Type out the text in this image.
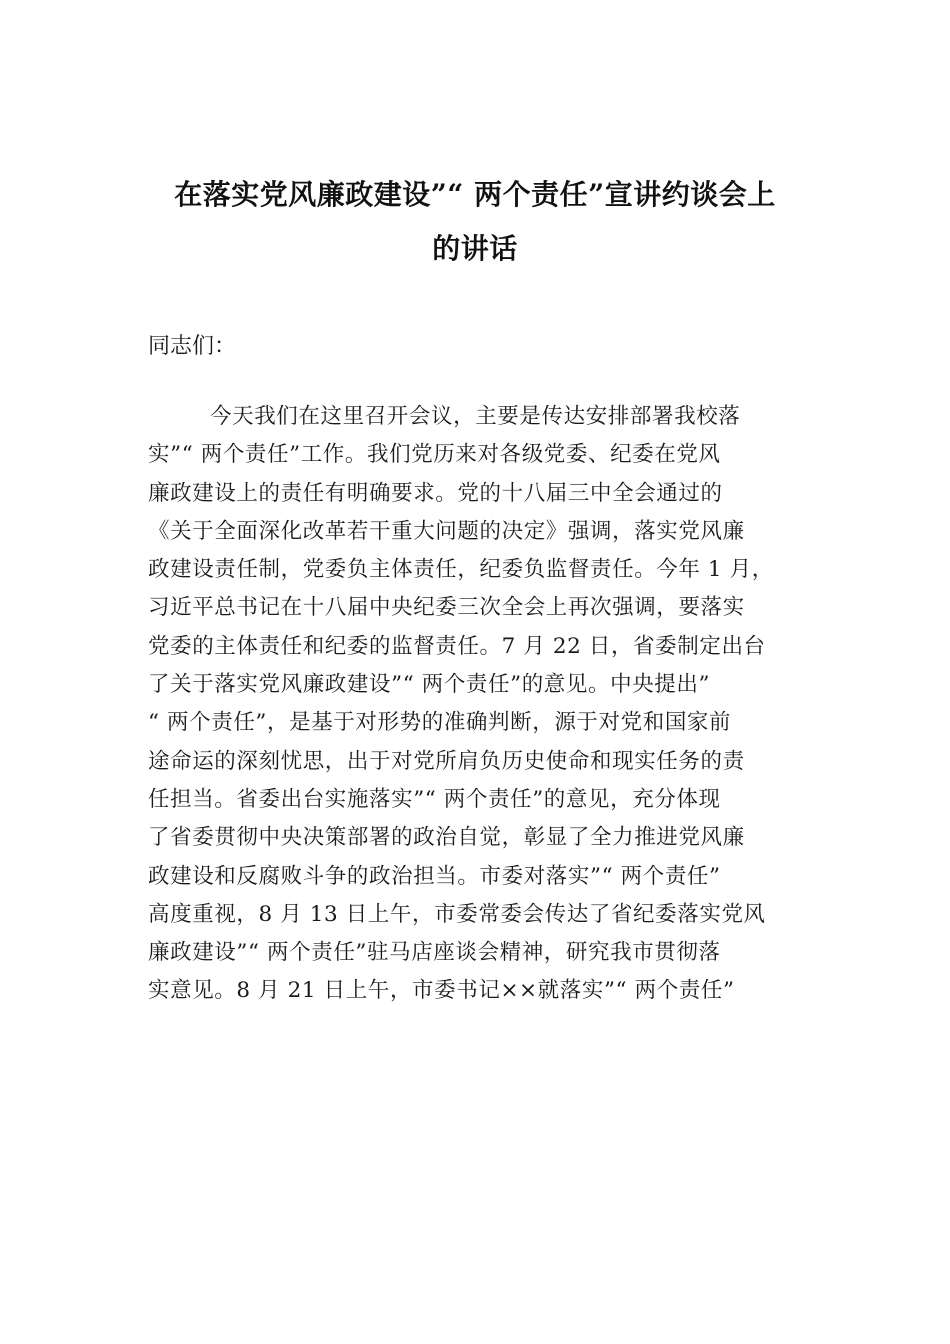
在落实党风廉政建设”“ 两个责任”宣讲约谈会上
的讲话

同志们：

今天我们在这里召开会议，主要是传达安排部署我校落
实”“ 两个责任”工作。我们党历来对各级党委、纪委在党风
廉政建设上的责任有明确要求。党的十八届三中全会通过的
《关于全面深化改革若干重大问题的决定》强调，落实党风廉
政建设责任制，党委负主体责任，纪委负监督责任。今年 1 月，
习近平总书记在十八届中央纪委三次全会上再次强调，要落实
党委的主体责任和纪委的监督责任。7 月 22 日，省委制定出台
了关于落实党风廉政建设”“ 两个责任”的意见。中央提出”
“ 两个责任”，是基于对形势的准确判断，源于对党和国家前
途命运的深刻忧思，出于对党所肩负历史使命和现实任务的责
任担当。省委出台实施落实”“ 两个责任”的意见，充分体现
了省委贯彻中央决策部署的政治自觉，彰显了全力推进党风廉
政建设和反腐败斗争的政治担当。市委对落实”“ 两个责任”
高度重视，8 月 13 日上午，市委常委会传达了省纪委落实党风
廉政建设”“ 两个责任”驻马店座谈会精神，研究我市贯彻落
实意见。8 月 21 日上午，市委书记××就落实”“ 两个责任”
